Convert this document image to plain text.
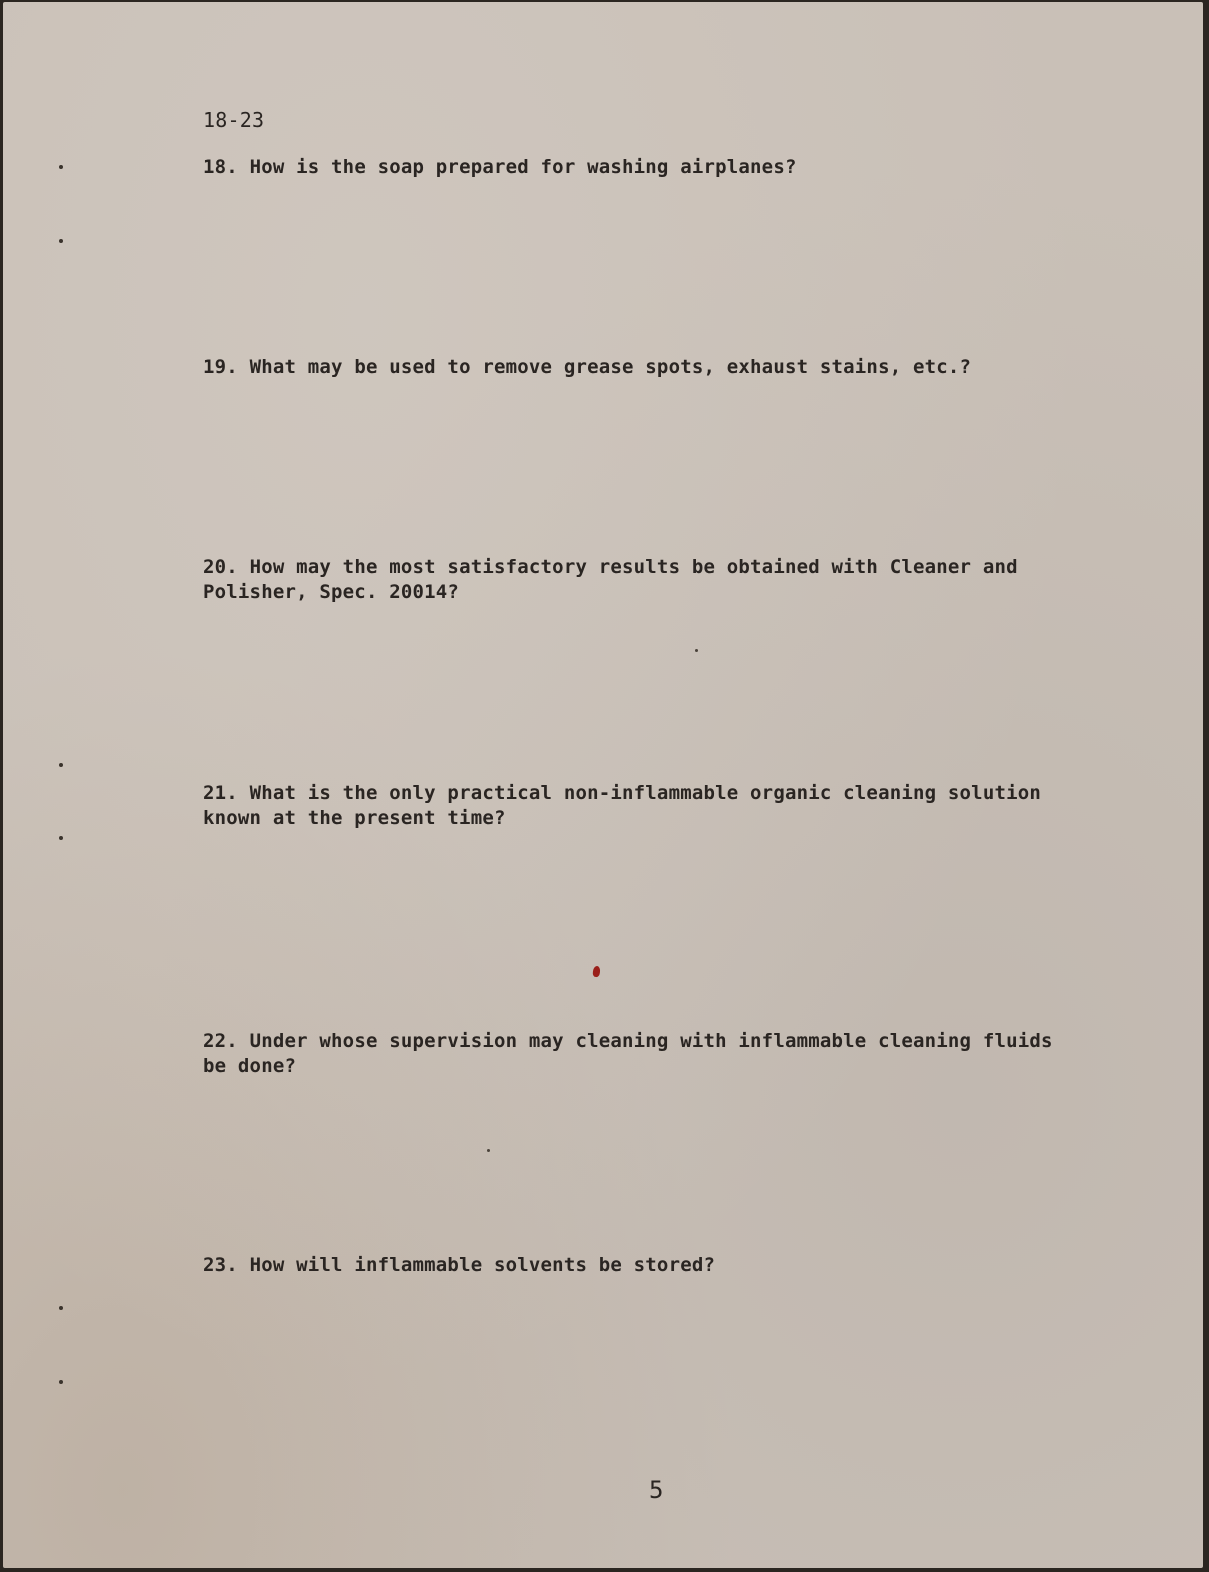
18-23
18. How is the soap prepared for washing airplanes?
19. What may be used to remove grease spots, exhaust stains, etc.?
20. How may the most satisfactory results be obtained with Cleaner and
Polisher, Spec. 20014?
21. What is the only practical non-inflammable organic cleaning solution
known at the present time?
22. Under whose supervision may cleaning with inflammable cleaning fluids
be done?
23. How will inflammable solvents be stored?
5
